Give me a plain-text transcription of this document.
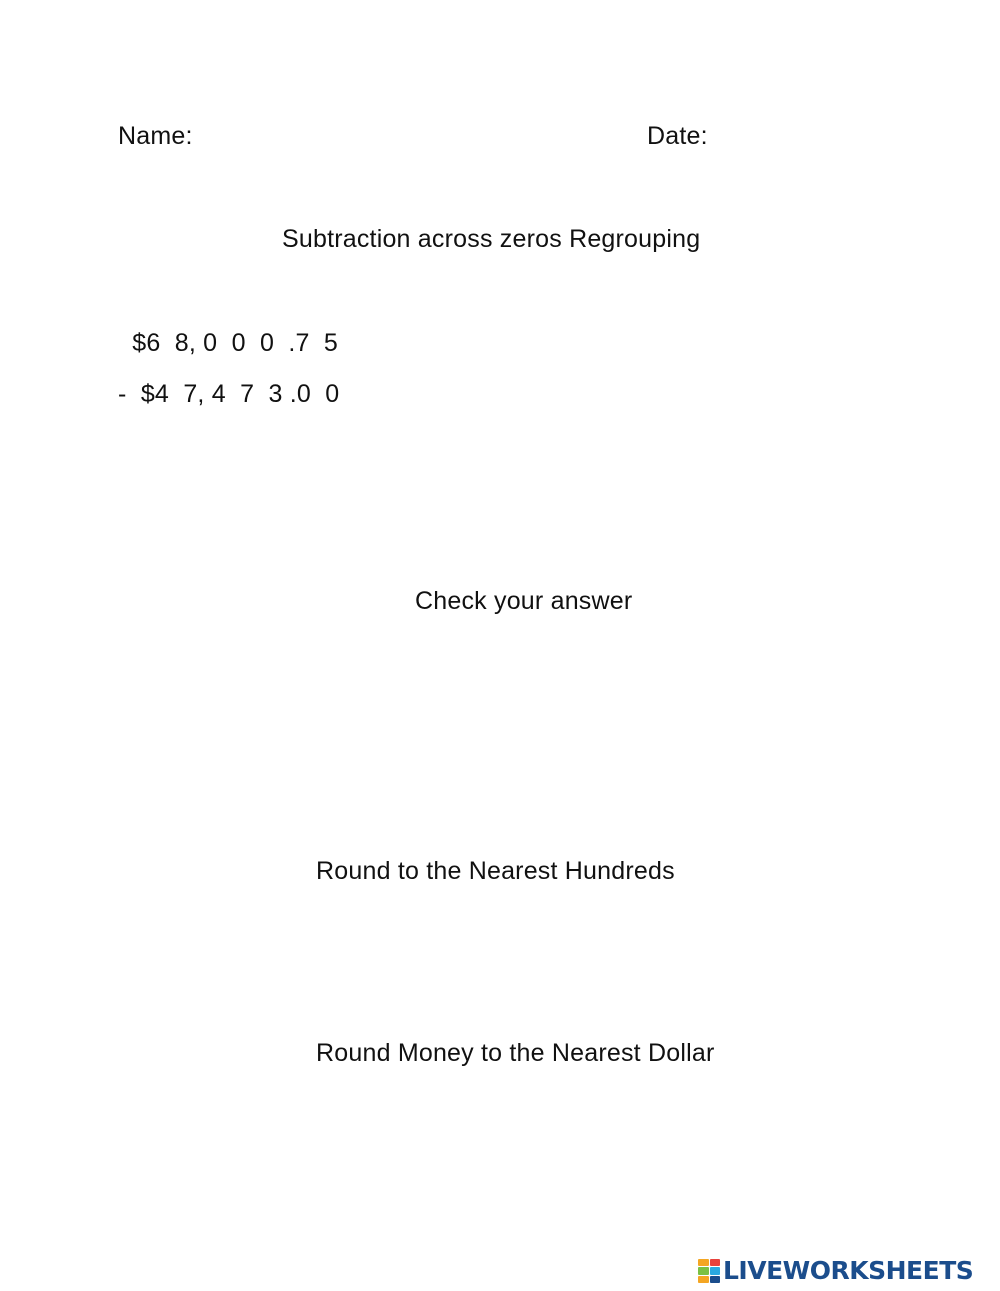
Name:	Date:
Subtraction across zeros Regrouping
$6  8, 0  0  0  .7  5
-  $4  7, 4  7  3 .0  0
Check your answer
Round to the Nearest Hundreds
Round Money to the Nearest Dollar
LIVEWORKSHEETS
